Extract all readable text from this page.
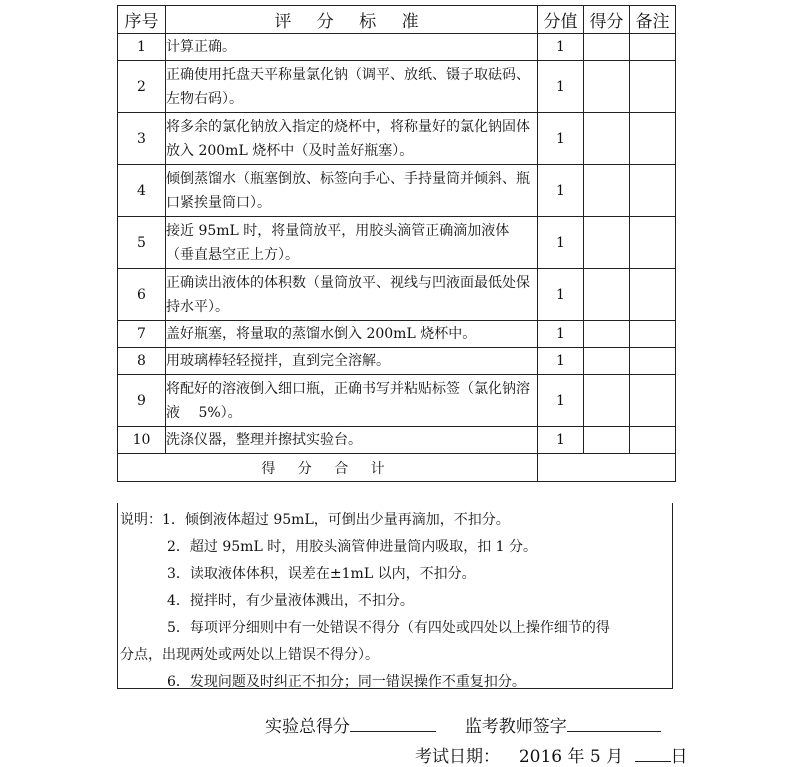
序号	评 分 标 准	分值	得分	备注
1	计算正确。	1		
2	正确使用托盘天平称量氯化钠（调平、放纸、镊子取砝码、左物右码）。	1		
3	将多余的氯化钠放入指定的烧杯中，将称量好的氯化钠固体放入 200mL 烧杯中（及时盖好瓶塞）。	1		
4	倾倒蒸馏水（瓶塞倒放、标签向手心、手持量筒并倾斜、瓶口紧挨量筒口）。	1		
5	接近 95mL 时，将量筒放平，用胶头滴管正确滴加液体（垂直悬空正上方）。	1		
6	正确读出液体的体积数（量筒放平、视线与凹液面最低处保持水平）。	1		
7	盖好瓶塞，将量取的蒸馏水倒入 200mL 烧杯中。	1		
8	用玻璃棒轻轻搅拌，直到完全溶解。	1		
9	将配好的溶液倒入细口瓶，正确书写并粘贴标签（氯化钠溶液　 5%）。	1		
10	洗涤仪器，整理并擦拭实验台。	1		
得 分 合 计				
说明：1．倾倒液体超过 95mL，可倒出少量再滴加，不扣分。
2．超过 95mL 时，用胶头滴管伸进量筒内吸取，扣 1 分。
3．读取液体体积，误差在±1mL 以内，不扣分。
4．搅拌时，有少量液体溅出，不扣分。
5．每项评分细则中有一处错误不得分（有四处或四处以上操作细节的得
分点，出现两处或两处以上错误不得分）。
6．发现问题及时纠正不扣分；同一错误操作不重复扣分。
实验总得分	监考教师签字
考试日期： 2016 年 5 月	日
